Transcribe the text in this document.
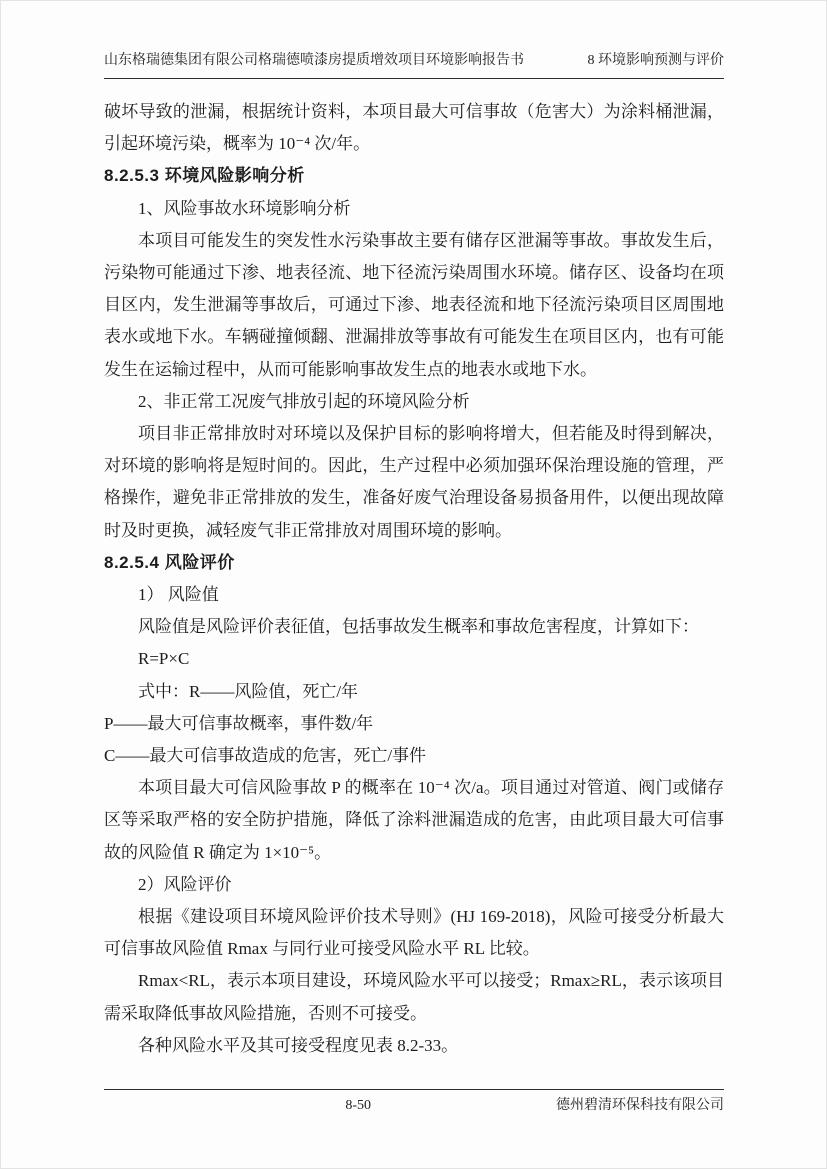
山东格瑞德集团有限公司格瑞德喷漆房提质增效项目环境影响报告书	8 环境影响预测与评价

破坏导致的泄漏，根据统计资料，本项目最大可信事故（危害大）为涂料桶泄漏，引起环境污染，概率为 10⁻⁴ 次/年。

8.2.5.3 环境风险影响分析

1、风险事故水环境影响分析

本项目可能发生的突发性水污染事故主要有储存区泄漏等事故。事故发生后，污染物可能通过下渗、地表径流、地下径流污染周围水环境。储存区、设备均在项目区内，发生泄漏等事故后，可通过下渗、地表径流和地下径流污染项目区周围地表水或地下水。车辆碰撞倾翻、泄漏排放等事故有可能发生在项目区内，也有可能发生在运输过程中，从而可能影响事故发生点的地表水或地下水。

2、非正常工况废气排放引起的环境风险分析

项目非正常排放时对环境以及保护目标的影响将增大，但若能及时得到解决，对环境的影响将是短时间的。因此，生产过程中必须加强环保治理设施的管理，严格操作，避免非正常排放的发生，准备好废气治理设备易损备用件，以便出现故障时及时更换，减轻废气非正常排放对周围环境的影响。

8.2.5.4 风险评价

1） 风险值

风险值是风险评价表征值，包括事故发生概率和事故危害程度，计算如下：

R=P×C

式中：R——风险值，死亡/年

P——最大可信事故概率，事件数/年

C——最大可信事故造成的危害，死亡/事件

本项目最大可信风险事故 P 的概率在 10⁻⁴ 次/a。项目通过对管道、阀门或储存区等采取严格的安全防护措施，降低了涂料泄漏造成的危害，由此项目最大可信事故的风险值 R 确定为 1×10⁻⁵。

2）风险评价

根据《建设项目环境风险评价技术导则》(HJ 169-2018)，风险可接受分析最大可信事故风险值 Rmax 与同行业可接受风险水平 RL 比较。

Rmax<RL，表示本项目建设，环境风险水平可以接受；Rmax≥RL，表示该项目需采取降低事故风险措施，否则不可接受。

各种风险水平及其可接受程度见表 8.2-33。

8-50	德州碧清环保科技有限公司
